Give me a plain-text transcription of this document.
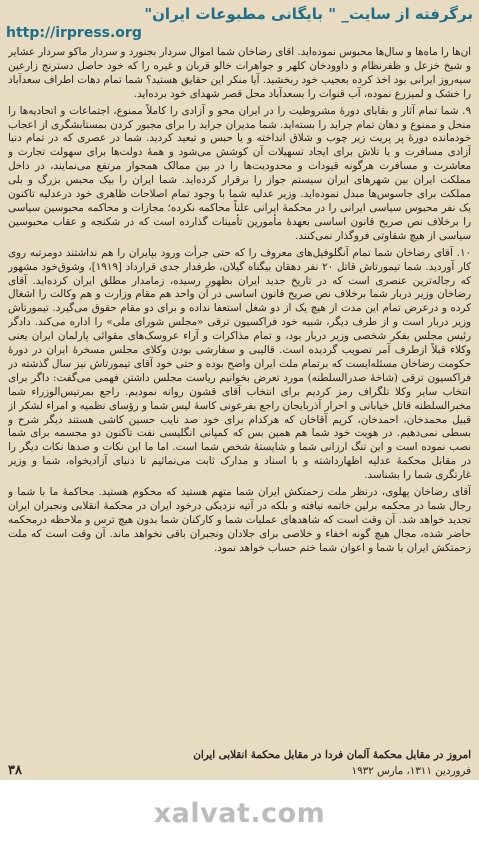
برگرفته از سایت_ " بایگانی مطبوعات ایران"
http://irpress.org

آن‌ها را ماه‌ها و سال‌ها محبوس نموده‌اید. آقای رضاخان شما اموال سردار بجنورد و سردار ماکو سردار عشایر و شیخ خزعل و ظفرنظام و داوودخان کلهر و جواهرات خالو قربان و غیره را که خود حاصل دسترنج زارعین سیه‌روز ایرانی بود اخذ کرده بعجیب خود ربخشید. آیا منکر این حقایق هستید؟ شما تمام دهات اطراف سعدآباد را خشک و لمیزرع نموده، آب قنوات را بسعدآباد محل قصر شهدای خود برده‌اید.

۹. شما تمام آثار و بقایای دورهٔ مشروطیت را در ایران محو و آزادی را کاملاً ممنوع، اجتماعات و اتحادیه‌ها را منحل و ممنوع و دهان تمام جراید را بسته‌اید. شما مدیران جراید را برای مجبور کردن بمستابشگری از اعجاب خودمانده دورهٔ پر پریت زیر چوب و شلاق انداخته و یا حبس و تبعید کردید. شما در عصری که در تمام دنیا آزادی مسافرت و یا تلاش برای ایجاد تسهیلات آن کوشش می‌شود و همهٔ دولت‌ها برای سهولت تجارت و معاشرت و مسافرت هرگونه قیودات و محدودیت‌ها را در بین ممالک همجوار مرتفع می‌نمایند، در داخل مملکت ایران بین شهرهای ایران سیستم جواز را برقرار کرده‌اید. شما ایران را بیک محبس بزرگ و بلی مملکت برای جاسوس‌ها مبدل نموده‌اید. وزیر عدلیه شما با وجود تمام اصلاحات ظاهری خود درعدلیه تاکنون یک نفر محبوس سیاسی ایرانی را در محکمهٔ ایرانی علناً محاکمه نکرده؛ مجازات و محاکمه محبوسین سیاسی را برخلاف نص صریح قانون اساسی بعهدهٔ مأمورین تأمینات گذارده است که در شکنجه و عقاب محبوسین سیاسی از هیچ شقاوتی فروگذار نمی‌کنند.

۱۰. آقای رضاخان شما تمام آنگلوفیل‌های معروف را که حتی جرأت ورود بپایران را هم نداشتند دومرتبه روی کار آوردید. شما تیمورتاش قاتل ۲۰ نفر دهقان بیگناه گیلان، طرفدار جدی قرارداد [۱۹۱۹]، وشوق‌خود مشهور که رجاله‌ترین عنصری است که در تاریخ جدید ایران بظهور رسیده، زمامدار مطلق ایران کرده‌اید. آقای رضاخان وزیر دربار شما برخلاف نص صریح قانون اساسی در آن واحد هم مقام وزارت و هم وکالت را اشغال کرده و درعرض تمام این مدت از هیچ یک از دو شغل استعفا نداده و برای دو مقام حقوق می‌گیرد. تیمورتاش وزیر دربار است و از طرف دیگر، شبیه خود فراکسیون ترقی «مجلس شورای ملی» را اداره می‌کند. دادگر رئیس مجلس بفکر شخصی وزیر دربار بود، و تمام مذاکرات و آراء عروسک‌های مقوائی پارلمان ایران یعنی وکلاء قبلاً ازطرف آمر تصویب گردیده است. قالیبی و سفارشی بودن وکلای مجلس مسخرهٔ ایران در دورهٔ حکومت رضاخان مسئله‌ایست که برتمام ملت ایران واضح بوده و حتی خود آقای تیمورتاش نیز سال گذشته در فراکسیون ترقی (شاخهٔ صدرالسلطنه) مورد تعرض بخوانیم ریاست مجلس داشتن فهمی می‌گفت: داگر برای انتخاب سایر وکلا تلگراف رمز کردیم برای انتخاب آقای قشون روانه نمودیم. راجع بمرتیس‌الوزراء شما مخبرالسلطنه قاتل خیابانی و احرار آذربایجان راجع بفرعونی کاسهٔ لیس شما و رؤسای نظمیه و امراء لشکر از قبیل محمدخان، احمدخان، کریم آقاخان که هرکدام برای خود صد نایب حسین کاشی هستند دیگر شرح و بسطی نمی‌دهیم. در هویت خود شما هم همین بس که کمپانی انگلیسی نفت تاکنون دو مجسمه برای شما نصب نموده است و این تنگ ارزانی شما و شایستهٔ شخص شما است. اما ما این نکات و صدها نکات دیگر را در مقابل محکمهٔ عدلیه اظهارداشته و با اسناد و مدارک ثابت می‌نمائیم تا دنیای آزادیخواه، شما و وزیر غارتگری شما را بشناسد.

آقای رضاخان پهلوی، درنظر ملت زحمتکش ایران شما متهم هستید که محکوم هستید. محاکمهٔ ما با شما و رجال شما در محکمه برلین خاتمه نیافته و بلکه در آتیه نزدیکی درخود ایران در محکمهٔ انقلابی ونجبران ایران تجدید خواهد شد. آن وقت است که شاهدهای عملیات شما و کارکنان شما بدون هیچ ترس و ملاحظه درمحکمه حاضر شده، مجال هیچ گونه اخفاء و خلاصی برای جلادان ونجبران باقی نخواهد ماند. آن وقت است که ملت زحمتکش ایران با شما و اعوان شما ختم حساب خواهد نمود.

امروز در مقابل محکمهٔ آلمان فردا در مقابل محکمهٔ انقلابی ایران
فروردین ۱۳۱۱، مارس ۱۹۳۲
۳۸
xalvat.com
